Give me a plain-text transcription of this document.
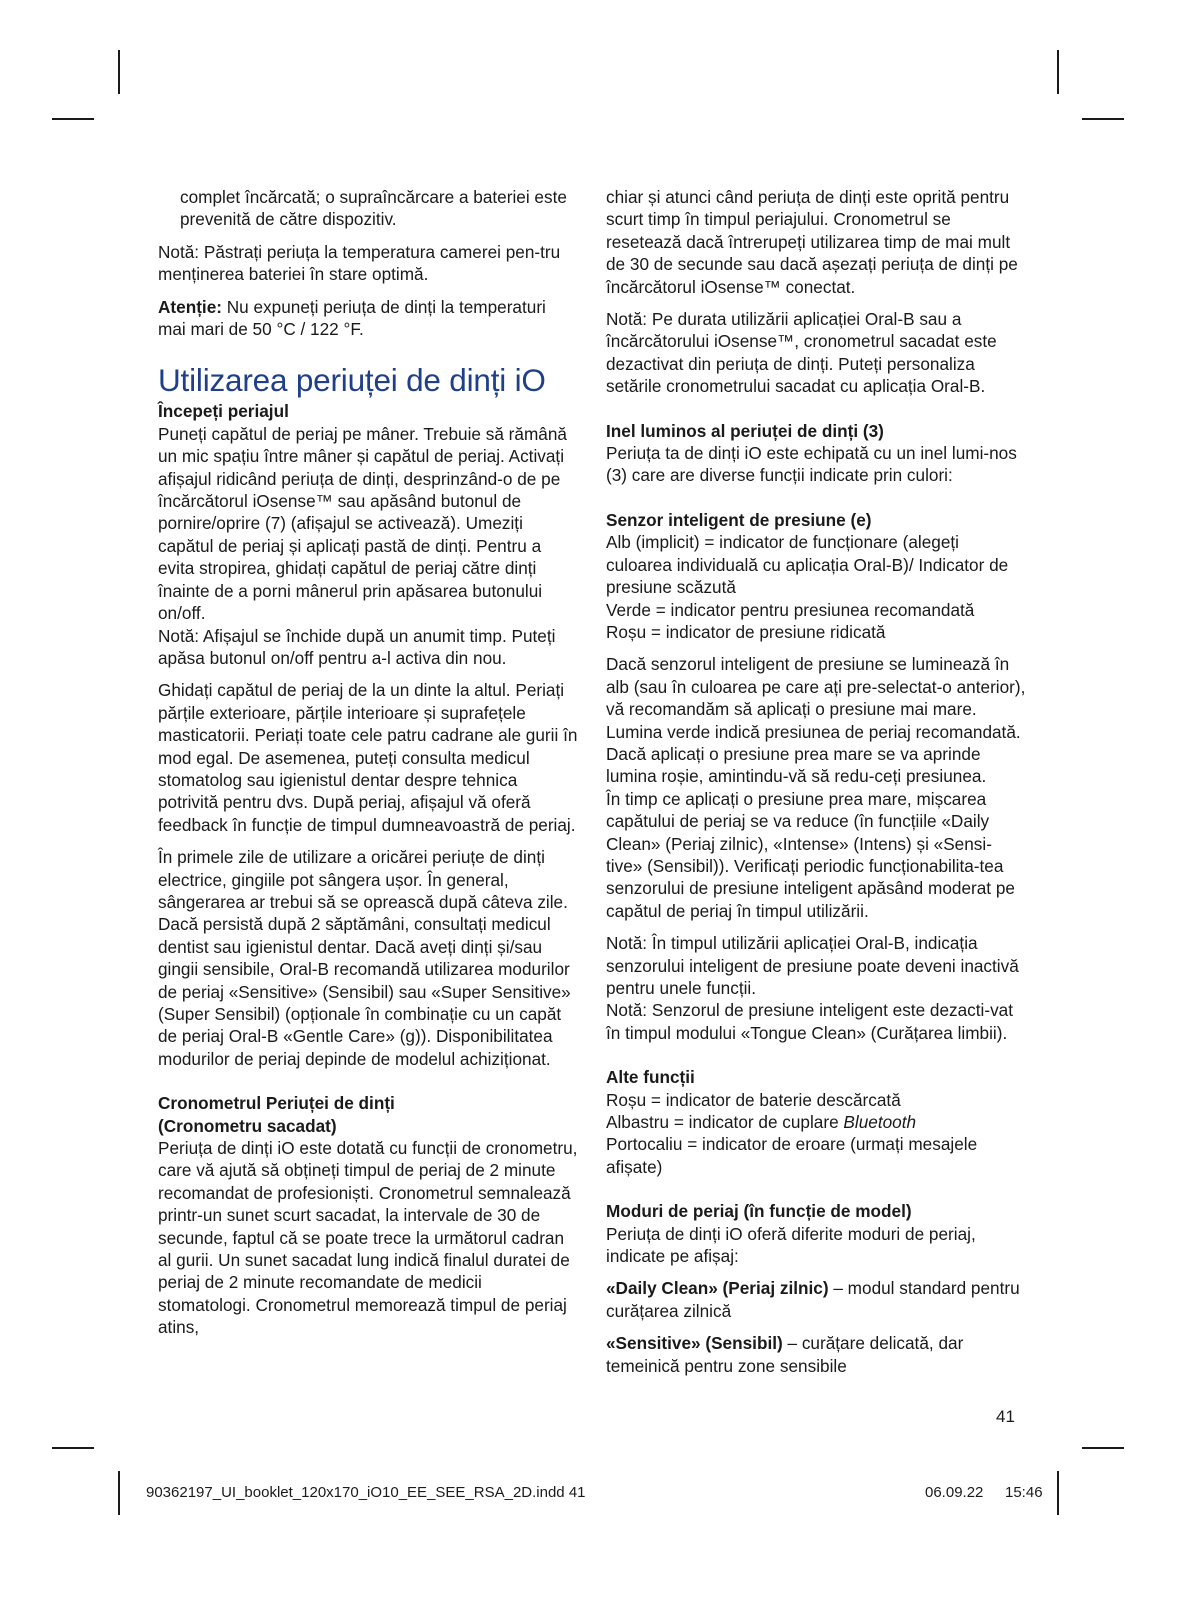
complet încărcată; o supraîncărcare a bateriei este prevenită de către dispozitiv.

Notă: Păstrați periuța la temperatura camerei pen-tru menținerea bateriei în stare optimă.

Atenție: Nu expuneți periuța de dinți la temperaturi mai mari de 50 °C / 122 °F.

Utilizarea periuței de dinți iO
Începeți periajul

Puneți capătul de periaj pe mâner. Trebuie să rămână un mic spațiu între mâner și capătul de periaj. Activați afișajul ridicând periuța de dinți, desprinzând-o de pe încărcătorul iOsense™ sau apăsând butonul de pornire/oprire (7) (afișajul se activează). Umeziți capătul de periaj și aplicați pastă de dinți. Pentru a evita stropirea, ghidați capătul de periaj către dinți înainte de a porni mânerul prin apăsarea butonului on/off.

Notă: Afișajul se închide după un anumit timp. Puteți apăsa butonul on/off pentru a-l activa din nou.

Ghidați capătul de periaj de la un dinte la altul. Periați părțile exterioare, părțile interioare și suprafețele masticatorii. Periați toate cele patru cadrane ale gurii în mod egal. De asemenea, puteți consulta medicul stomatolog sau igienistul dentar despre tehnica potrivită pentru dvs. După periaj, afișajul vă oferă feedback în funcție de timpul dumneavoastră de periaj.

În primele zile de utilizare a oricărei periuțe de dinți electrice, gingiile pot sângera ușor. În general, sângerarea ar trebui să se oprească după câteva zile. Dacă persistă după 2 săptămâni, consultați medicul dentist sau igienistul dentar. Dacă aveți dinți și/sau gingii sensibile, Oral-B recomandă utilizarea modurilor de periaj «Sensitive» (Sensibil) sau «Super Sensitive» (Super Sensibil) (opționale în combinație cu un capăt de periaj Oral-B «Gentle Care» (g)). Disponibilitatea modurilor de periaj depinde de modelul achiziționat.

Cronometrul Periuței de dinți
(Cronometru sacadat)

Periuța de dinți iO este dotată cu funcții de cronometru, care vă ajută să obțineți timpul de periaj de 2 minute recomandat de profesioniști. Cronometrul semnalează printr-un sunet scurt sacadat, la intervale de 30 de secunde, faptul că se poate trece la următorul cadran al gurii. Un sunet sacadat lung indică finalul duratei de periaj de 2 minute recomandate de medicii stomatologi. Cronometrul memorează timpul de periaj atins,

chiar și atunci când periuța de dinți este oprită pentru scurt timp în timpul periajului. Cronometrul se resetează dacă întrerupeți utilizarea timp de mai mult de 30 de secunde sau dacă așezați periuța de dinți pe încărcătorul iOsense™ conectat.

Notă: Pe durata utilizării aplicației Oral-B sau a încărcătorului iOsense™, cronometrul sacadat este dezactivat din periuța de dinți. Puteți personaliza setările cronometrului sacadat cu aplicația Oral-B.

Inel luminos al periuței de dinți (3)

Periuța ta de dinți iO este echipată cu un inel lumi-nos (3) care are diverse funcții indicate prin culori:

Senzor inteligent de presiune (e)

Alb (implicit) = indicator de funcționare (alegeți culoarea individuală cu aplicația Oral-B)/ Indicator de presiune scăzută

Verde = indicator pentru presiunea recomandată

Roșu = indicator de presiune ridicată

Dacă senzorul inteligent de presiune se luminează în alb (sau în culoarea pe care ați pre-selectat-o anterior), vă recomandăm să aplicați o presiune mai mare. Lumina verde indică presiunea de periaj recomandată. Dacă aplicați o presiune prea mare se va aprinde lumina roșie, amintindu-vă să redu-ceți presiunea.

În timp ce aplicați o presiune prea mare, mișcarea capătului de periaj se va reduce (în funcțiile «Daily Clean» (Periaj zilnic), «Intense» (Intens) și «Sensi-tive» (Sensibil)). Verificați periodic funcționabilita-tea senzorului de presiune inteligent apăsând moderat pe capătul de periaj în timpul utilizării.

Notă: În timpul utilizării aplicației Oral-B, indicația senzorului inteligent de presiune poate deveni inactivă pentru unele funcții.

Notă: Senzorul de presiune inteligent este dezacti-vat în timpul modului «Tongue Clean» (Curățarea limbii).

Alte funcții

Roșu = indicator de baterie descărcată

Albastru = indicator de cuplare Bluetooth

Portocaliu = indicator de eroare (urmați mesajele afișate)

Moduri de periaj (în funcție de model)

Periuța de dinți iO oferă diferite moduri de periaj, indicate pe afișaj:

«Daily Clean» (Periaj zilnic) – modul standard pentru curățarea zilnică

«Sensitive» (Sensibil) – curățare delicată, dar temeinică pentru zone sensibile

41
90362197_UI_booklet_120x170_iO10_EE_SEE_RSA_2D.indd 41	06.09.22 15:46
